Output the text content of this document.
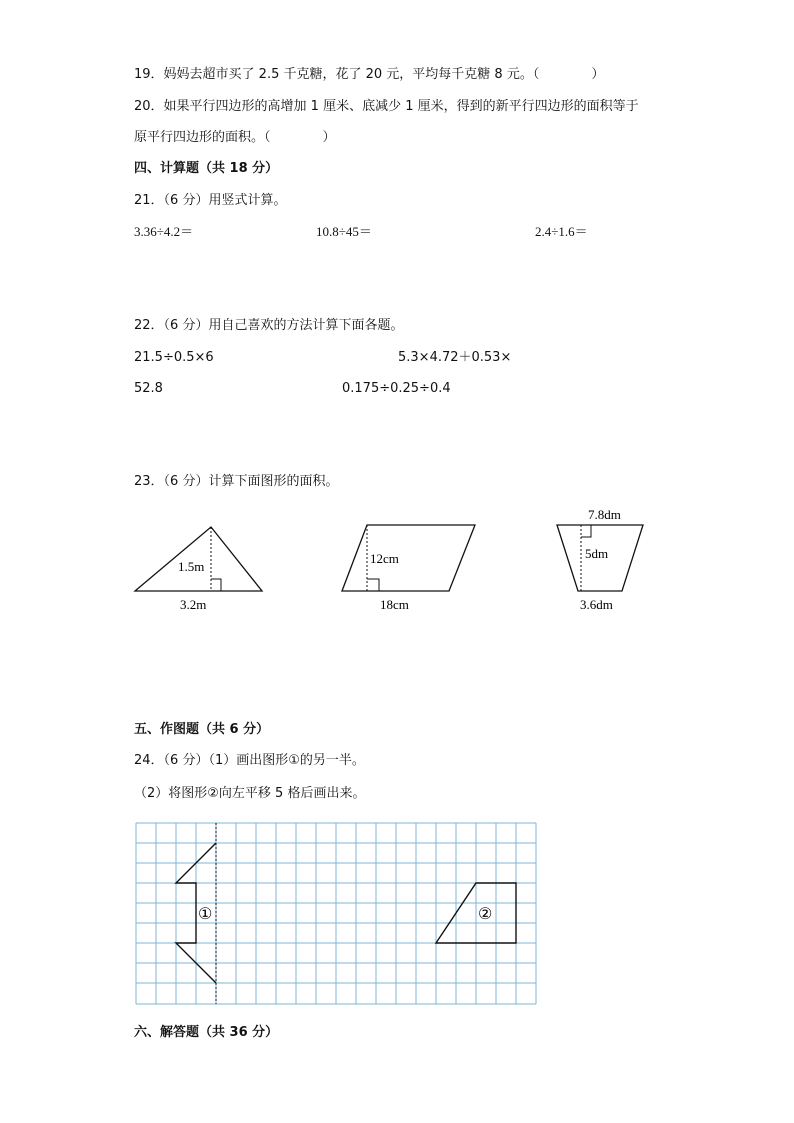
19．妈妈去超市买了 2.5 千克糖，花了 20 元，平均每千克糖 8 元。（　　　　）
20．如果平行四边形的高增加 1 厘米、底减少 1 厘米，得到的新平行四边形的面积等于
原平行四边形的面积。（　　　　）
四、计算题（共 18 分）
21．（6 分）用竖式计算。
3.36÷4.2＝	10.8÷45＝	2.4÷1.6＝
22．（6 分）用自己喜欢的方法计算下面各题。
21.5÷0.5×6	5.3×4.72＋0.53×
52.8	0.175÷0.25÷0.4
23．（6 分）计算下面图形的面积。
1.5m
3.2m
12cm
18cm
7.8dm
5dm
3.6dm
①	②
五、作图题（共 6 分）
24．（6 分）（1）画出图形①的另一半。
（2）将图形②向左平移 5 格后画出来。
六、解答题（共 36 分）
